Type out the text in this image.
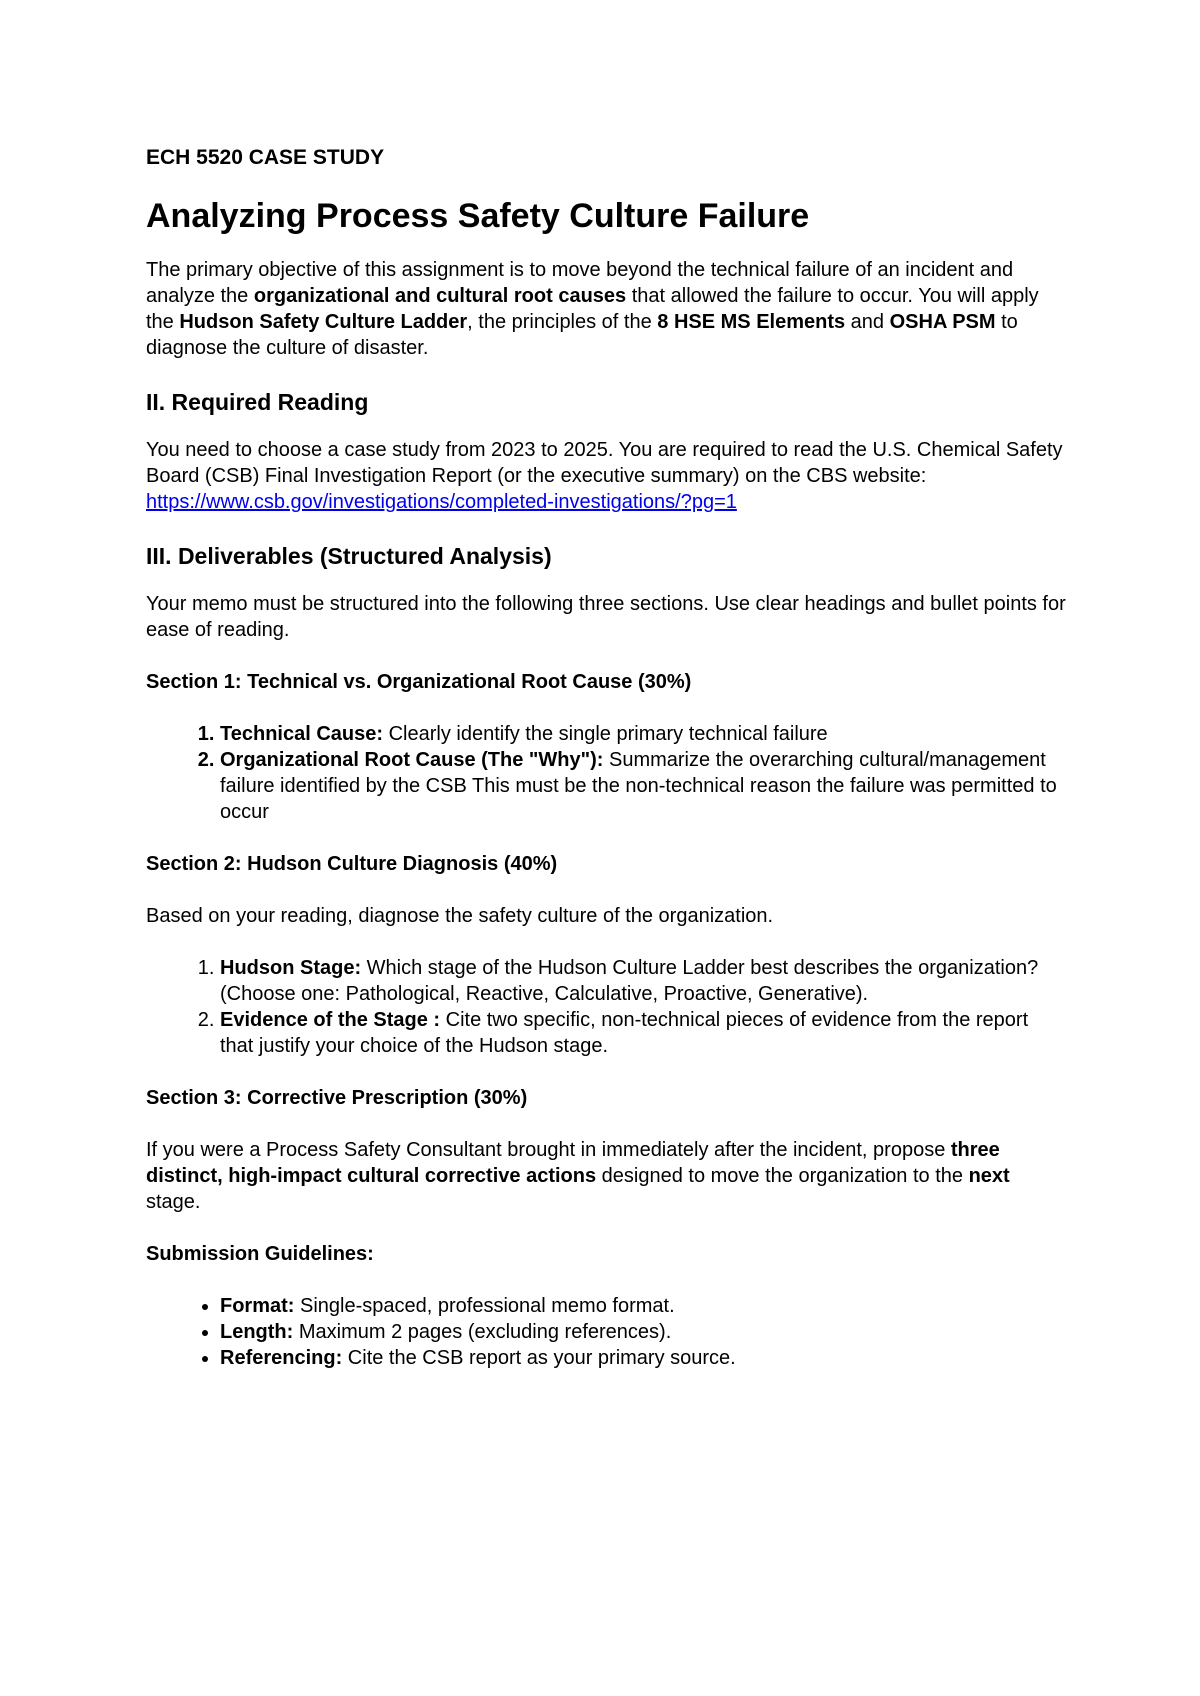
ECH 5520 CASE STUDY
Analyzing Process Safety Culture Failure

The primary objective of this assignment is to move beyond the technical failure of an incident and analyze the organizational and cultural root causes that allowed the failure to occur. You will apply the Hudson Safety Culture Ladder, the principles of the 8 HSE MS Elements and OSHA PSM to diagnose the culture of disaster.

II. Required Reading

You need to choose a case study from 2023 to 2025. You are required to read the U.S. Chemical Safety Board (CSB) Final Investigation Report (or the executive summary) on the CBS website: https://www.csb.gov/investigations/completed-investigations/?pg=1

III. Deliverables (Structured Analysis)

Your memo must be structured into the following three sections. Use clear headings and bullet points for ease of reading.

Section 1: Technical vs. Organizational Root Cause (30%)
1. Technical Cause: Clearly identify the single primary technical failure
2. Organizational Root Cause (The "Why"): Summarize the overarching cultural/management failure identified by the CSB This must be the non-technical reason the failure was permitted to occur
Section 2: Hudson Culture Diagnosis (40%)

Based on your reading, diagnose the safety culture of the organization.

1. Hudson Stage: Which stage of the Hudson Culture Ladder best describes the organization? (Choose one: Pathological, Reactive, Calculative, Proactive, Generative).
2. Evidence of the Stage : Cite two specific, non-technical pieces of evidence from the report that justify your choice of the Hudson stage.
Section 3: Corrective Prescription (30%)

If you were a Process Safety Consultant brought in immediately after the incident, propose three distinct, high-impact cultural corrective actions designed to move the organization to the next stage.

Submission Guidelines:
• Format: Single-spaced, professional memo format.
• Length: Maximum 2 pages (excluding references).
• Referencing: Cite the CSB report as your primary source.
